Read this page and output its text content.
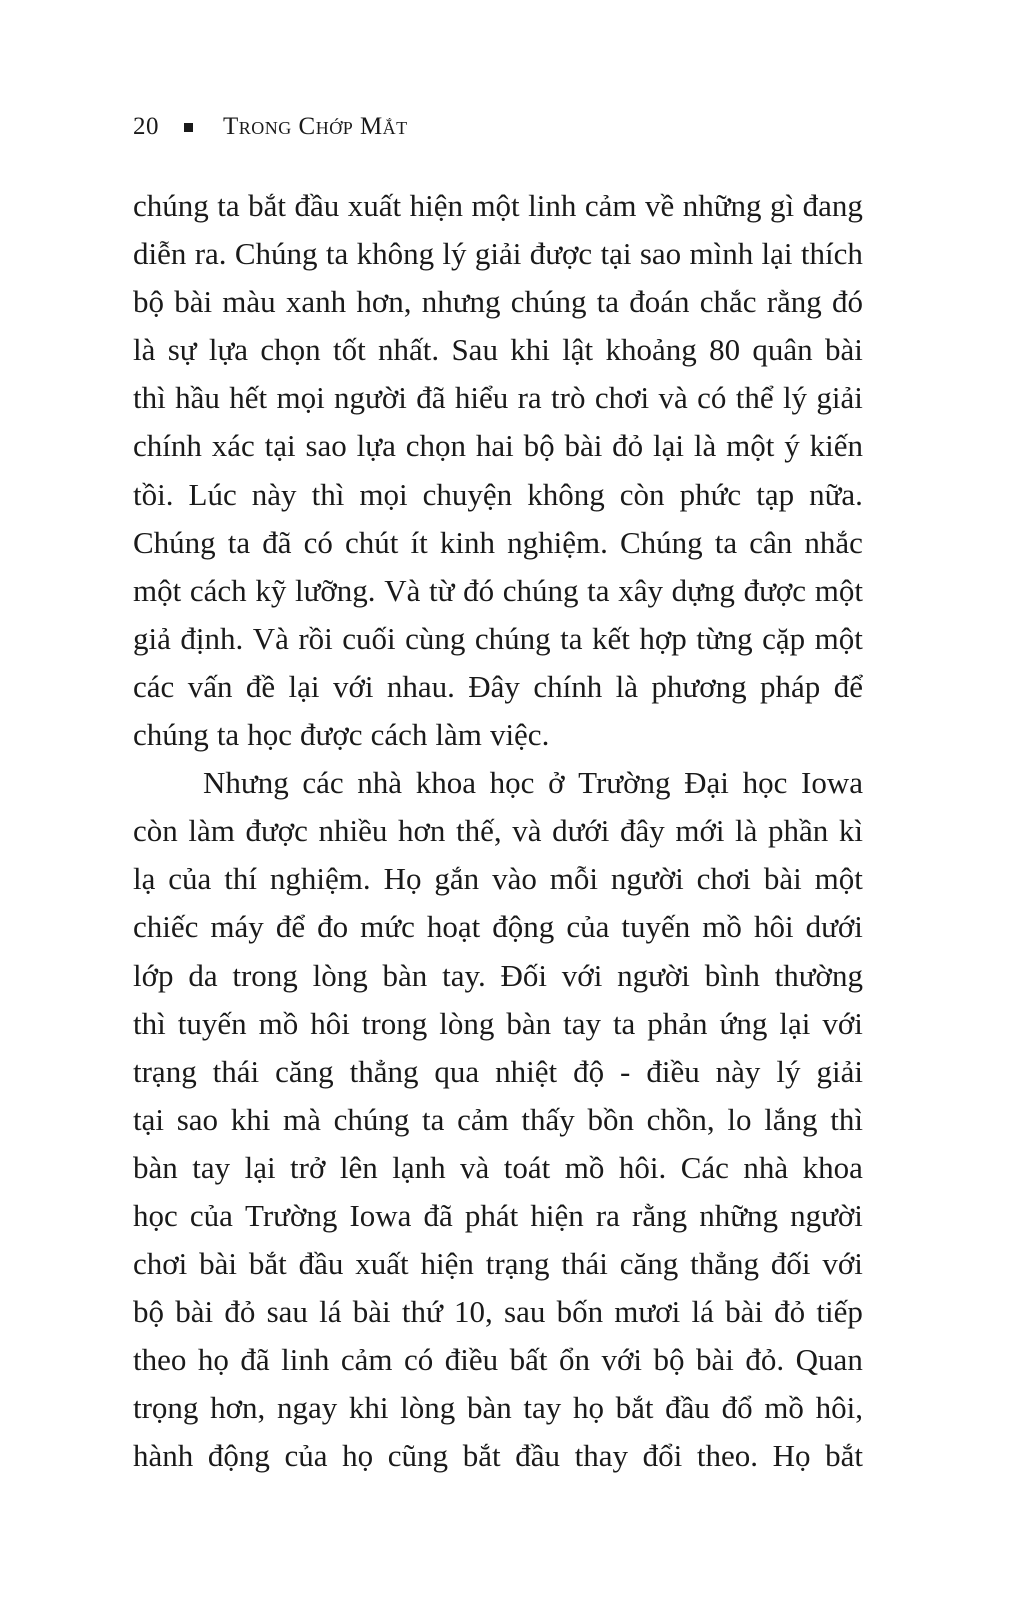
20	Trong Chớp Mắt
chúng ta bắt đầu xuất hiện một linh cảm về những gì đang
diễn ra. Chúng ta không lý giải được tại sao mình lại thích
bộ bài màu xanh hơn, nhưng chúng ta đoán chắc rằng đó
là sự lựa chọn tốt nhất. Sau khi lật khoảng 80 quân bài
thì hầu hết mọi người đã hiểu ra trò chơi và có thể lý giải
chính xác tại sao lựa chọn hai bộ bài đỏ lại là một ý kiến
tồi. Lúc này thì mọi chuyện không còn phức tạp nữa.
Chúng ta đã có chút ít kinh nghiệm. Chúng ta cân nhắc
một cách kỹ lưỡng. Và từ đó chúng ta xây dựng được một
giả định. Và rồi cuối cùng chúng ta kết hợp từng cặp một
các vấn đề lại với nhau. Đây chính là phương pháp để
chúng ta học được cách làm việc.
Nhưng các nhà khoa học ở Trường Đại học Iowa
còn làm được nhiều hơn thế, và dưới đây mới là phần kì
lạ của thí nghiệm. Họ gắn vào mỗi người chơi bài một
chiếc máy để đo mức hoạt động của tuyến mồ hôi dưới
lớp da trong lòng bàn tay. Đối với người bình thường
thì tuyến mồ hôi trong lòng bàn tay ta phản ứng lại với
trạng thái căng thẳng qua nhiệt độ - điều này lý giải
tại sao khi mà chúng ta cảm thấy bồn chồn, lo lắng thì
bàn tay lại trở lên lạnh và toát mồ hôi. Các nhà khoa
học của Trường Iowa đã phát hiện ra rằng những người
chơi bài bắt đầu xuất hiện trạng thái căng thẳng đối với
bộ bài đỏ sau lá bài thứ 10, sau bốn mươi lá bài đỏ tiếp
theo họ đã linh cảm có điều bất ổn với bộ bài đỏ. Quan
trọng hơn, ngay khi lòng bàn tay họ bắt đầu đổ mồ hôi,
hành động của họ cũng bắt đầu thay đổi theo. Họ bắt
